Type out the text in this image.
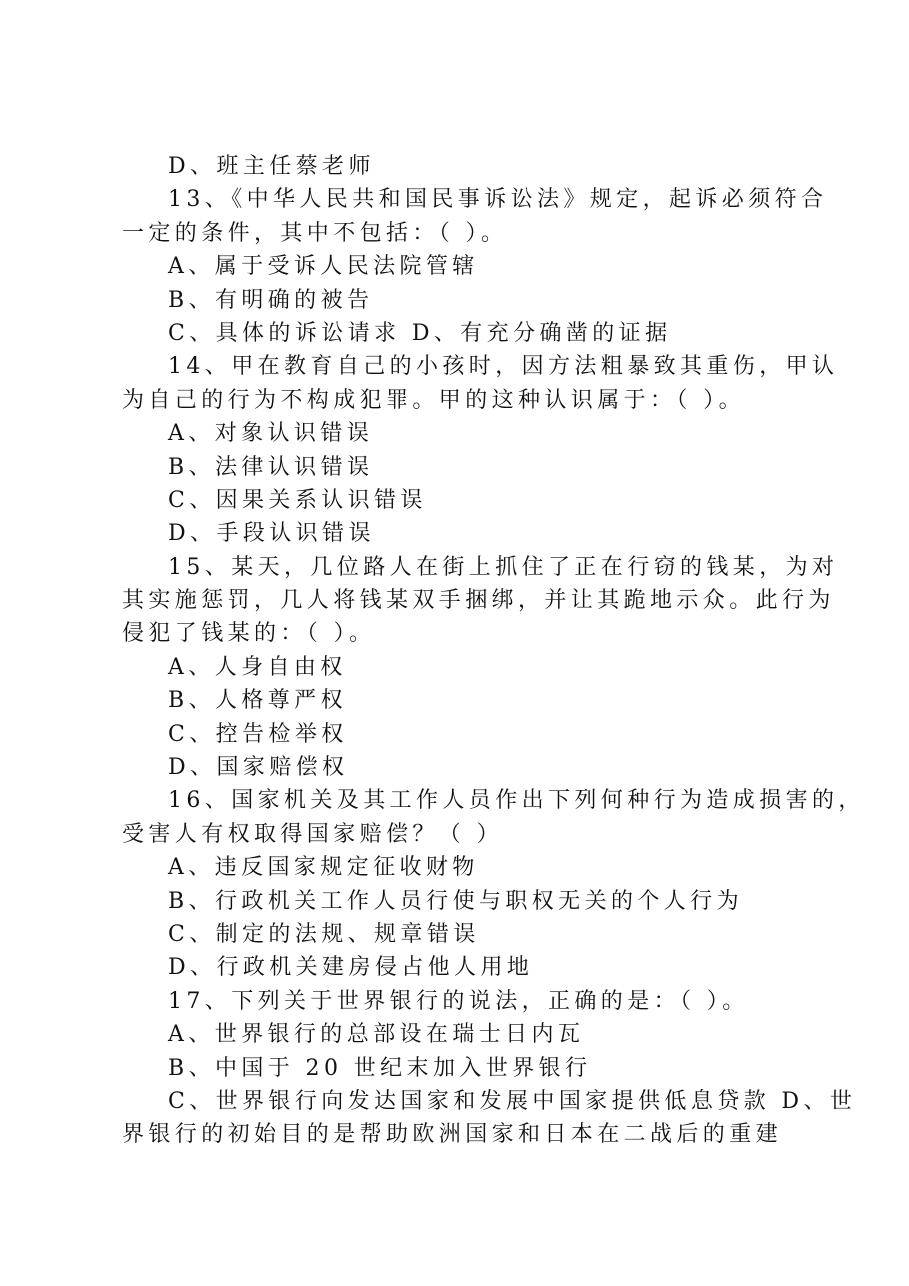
D、班主任蔡老师
13、《中华人民共和国民事诉讼法》规定，起诉必须符合
一定的条件，其中不包括：（ ）。
A、属于受诉人民法院管辖
B、有明确的被告
C、具体的诉讼请求 D、有充分确凿的证据
14、甲在教育自己的小孩时，因方法粗暴致其重伤，甲认
为自己的行为不构成犯罪。甲的这种认识属于：（ ）。
A、对象认识错误
B、法律认识错误
C、因果关系认识错误
D、手段认识错误
15、某天，几位路人在街上抓住了正在行窃的钱某，为对
其实施惩罚，几人将钱某双手捆绑，并让其跪地示众。此行为
侵犯了钱某的：（ ）。
A、人身自由权
B、人格尊严权
C、控告检举权
D、国家赔偿权
16、国家机关及其工作人员作出下列何种行为造成损害的，
受害人有权取得国家赔偿？（ ）
A、违反国家规定征收财物
B、行政机关工作人员行使与职权无关的个人行为
C、制定的法规、规章错误
D、行政机关建房侵占他人用地
17、下列关于世界银行的说法，正确的是：（ ）。
A、世界银行的总部设在瑞士日内瓦
B、中国于 20 世纪末加入世界银行
C、世界银行向发达国家和发展中国家提供低息贷款 D、世
界银行的初始目的是帮助欧洲国家和日本在二战后的重建
